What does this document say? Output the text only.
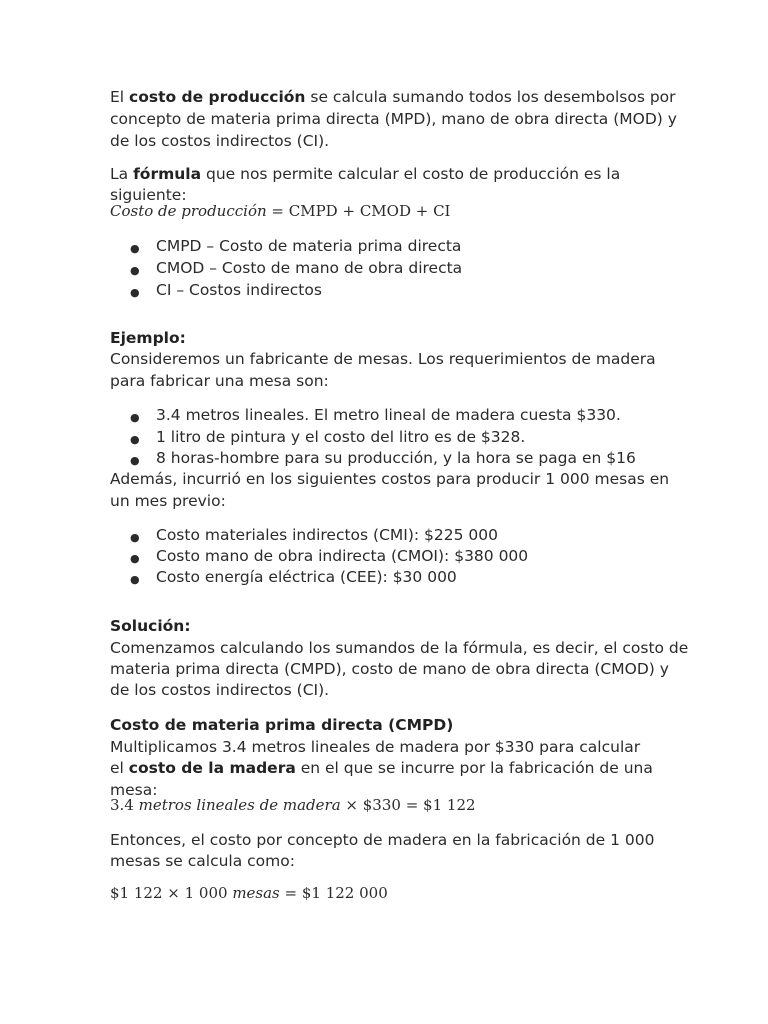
El costo de producción se calcula sumando todos los desembolsos por
concepto de materia prima directa (MPD), mano de obra directa (MOD) y
de los costos indirectos (CI).
La fórmula que nos permite calcular el costo de producción es la
siguiente:
Costo de producción = CMPD + CMOD + CI
● CMPD – Costo de materia prima directa
● CMOD – Costo de mano de obra directa
● CI – Costos indirectos
Ejemplo:
Consideremos un fabricante de mesas. Los requerimientos de madera
para fabricar una mesa son:
● 3.4 metros lineales. El metro lineal de madera cuesta $330.
● 1 litro de pintura y el costo del litro es de $328.
● 8 horas-hombre para su producción, y la hora se paga en $16
Además, incurrió en los siguientes costos para producir 1 000 mesas en
un mes previo:
● Costo materiales indirectos (CMI): $225 000
● Costo mano de obra indirecta (CMOI): $380 000
● Costo energía eléctrica (CEE): $30 000
Solución:
Comenzamos calculando los sumandos de la fórmula, es decir, el costo de
materia prima directa (CMPD), costo de mano de obra directa (CMOD) y
de los costos indirectos (CI).
Costo de materia prima directa (CMPD)
Multiplicamos 3.4 metros lineales de madera por $330 para calcular
el costo de la madera en el que se incurre por la fabricación de una
mesa:
3.4 metros lineales de madera × $330 = $1 122
Entonces, el costo por concepto de madera en la fabricación de 1 000
mesas se calcula como:
$1 122 × 1 000 mesas = $1 122 000
